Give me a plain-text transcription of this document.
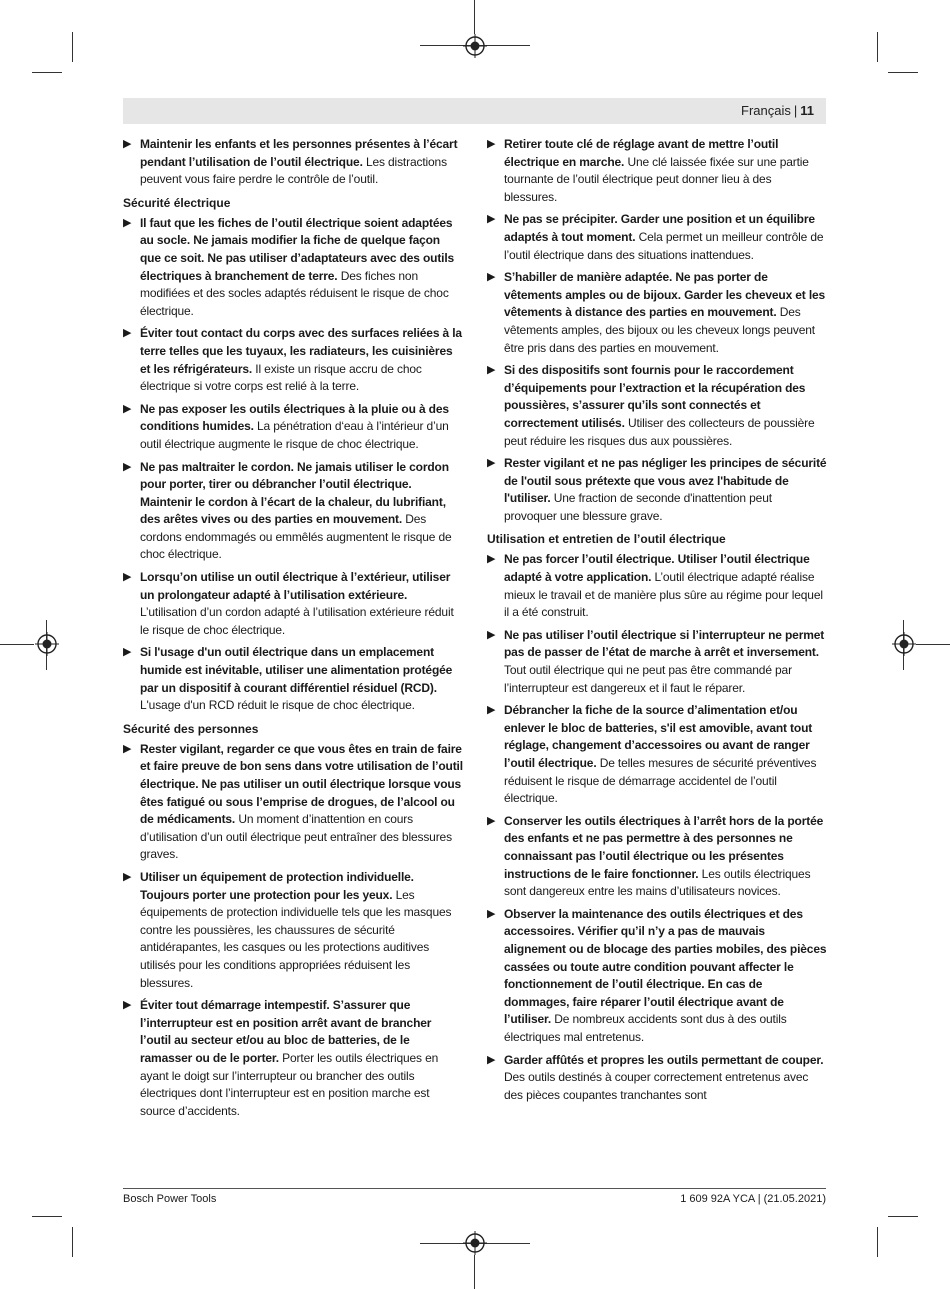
Français | 11
▶ Maintenir les enfants et les personnes présentes à l’écart pendant l’utilisation de l’outil électrique. Les distractions peuvent vous faire perdre le contrôle de l’outil.
Sécurité électrique
▶ Il faut que les fiches de l’outil électrique soient adaptées au socle. Ne jamais modifier la fiche de quelque façon que ce soit. Ne pas utiliser d’adaptateurs avec des outils électriques à branchement de terre. Des fiches non modifiées et des socles adaptés réduisent le risque de choc électrique.
▶ Éviter tout contact du corps avec des surfaces reliées à la terre telles que les tuyaux, les radiateurs, les cuisinières et les réfrigérateurs. Il existe un risque accru de choc électrique si votre corps est relié à la terre.
▶ Ne pas exposer les outils électriques à la pluie ou à des conditions humides. La pénétration d‘eau à l’intérieur d’un outil électrique augmente le risque de choc électrique.
▶ Ne pas maltraiter le cordon. Ne jamais utiliser le cordon pour porter, tirer ou débrancher l’outil électrique. Maintenir le cordon à l’écart de la chaleur, du lubrifiant, des arêtes vives ou des parties en mouvement. Des cordons endommagés ou emmêlés augmentent le risque de choc électrique.
▶ Lorsqu’on utilise un outil électrique à l’extérieur, utiliser un prolongateur adapté à l’utilisation extérieure. L’utilisation d’un cordon adapté à l’utilisation extérieure réduit le risque de choc électrique.
▶ Si l'usage d'un outil électrique dans un emplacement humide est inévitable, utiliser une alimentation protégée par un dispositif à courant différentiel résiduel (RCD). L'usage d'un RCD réduit le risque de choc électrique.
Sécurité des personnes
▶ Rester vigilant, regarder ce que vous êtes en train de faire et faire preuve de bon sens dans votre utilisation de l’outil électrique. Ne pas utiliser un outil électrique lorsque vous êtes fatigué ou sous l’emprise de drogues, de l’alcool ou de médicaments. Un moment d’inattention en cours d’utilisation d’un outil électrique peut entraîner des blessures graves.
▶ Utiliser un équipement de protection individuelle. Toujours porter une protection pour les yeux. Les équipements de protection individuelle tels que les masques contre les poussières, les chaussures de sécurité antidérapantes, les casques ou les protections auditives utilisés pour les conditions appropriées réduisent les blessures.
▶ Éviter tout démarrage intempestif. S’assurer que l’interrupteur est en position arrêt avant de brancher l’outil au secteur et/ou au bloc de batteries, de le ramasser ou de le porter. Porter les outils électriques en ayant le doigt sur l’interrupteur ou brancher des outils électriques dont l’interrupteur est en position marche est source d’accidents.
▶ Retirer toute clé de réglage avant de mettre l’outil électrique en marche. Une clé laissée fixée sur une partie tournante de l’outil électrique peut donner lieu à des blessures.
▶ Ne pas se précipiter. Garder une position et un équilibre adaptés à tout moment. Cela permet un meilleur contrôle de l’outil électrique dans des situations inattendues.
▶ S’habiller de manière adaptée. Ne pas porter de vêtements amples ou de bijoux. Garder les cheveux et les vêtements à distance des parties en mouvement. Des vêtements amples, des bijoux ou les cheveux longs peuvent être pris dans des parties en mouvement.
▶ Si des dispositifs sont fournis pour le raccordement d’équipements pour l’extraction et la récupération des poussières, s’assurer qu’ils sont connectés et correctement utilisés. Utiliser des collecteurs de poussière peut réduire les risques dus aux poussières.
▶ Rester vigilant et ne pas négliger les principes de sécurité de l'outil sous prétexte que vous avez l'habitude de l'utiliser. Une fraction de seconde d'inattention peut provoquer une blessure grave.
Utilisation et entretien de l’outil électrique
▶ Ne pas forcer l’outil électrique. Utiliser l’outil électrique adapté à votre application. L’outil électrique adapté réalise mieux le travail et de manière plus sûre au régime pour lequel il a été construit.
▶ Ne pas utiliser l’outil électrique si l’interrupteur ne permet pas de passer de l’état de marche à arrêt et inversement. Tout outil électrique qui ne peut pas être commandé par l’interrupteur est dangereux et il faut le réparer.
▶ Débrancher la fiche de la source d’alimentation et/ou enlever le bloc de batteries, s'il est amovible, avant tout réglage, changement d’accessoires ou avant de ranger l’outil électrique. De telles mesures de sécurité préventives réduisent le risque de démarrage accidentel de l’outil électrique.
▶ Conserver les outils électriques à l’arrêt hors de la portée des enfants et ne pas permettre à des personnes ne connaissant pas l’outil électrique ou les présentes instructions de le faire fonctionner. Les outils électriques sont dangereux entre les mains d’utilisateurs novices.
▶ Observer la maintenance des outils électriques et des accessoires. Vérifier qu’il n’y a pas de mauvais alignement ou de blocage des parties mobiles, des pièces cassées ou toute autre condition pouvant affecter le fonctionnement de l’outil électrique. En cas de dommages, faire réparer l’outil électrique avant de l’utiliser. De nombreux accidents sont dus à des outils électriques mal entretenus.
▶ Garder affûtés et propres les outils permettant de couper. Des outils destinés à couper correctement entretenus avec des pièces coupantes tranchantes sont
Bosch Power Tools	1 609 92A YCA | (21.05.2021)
